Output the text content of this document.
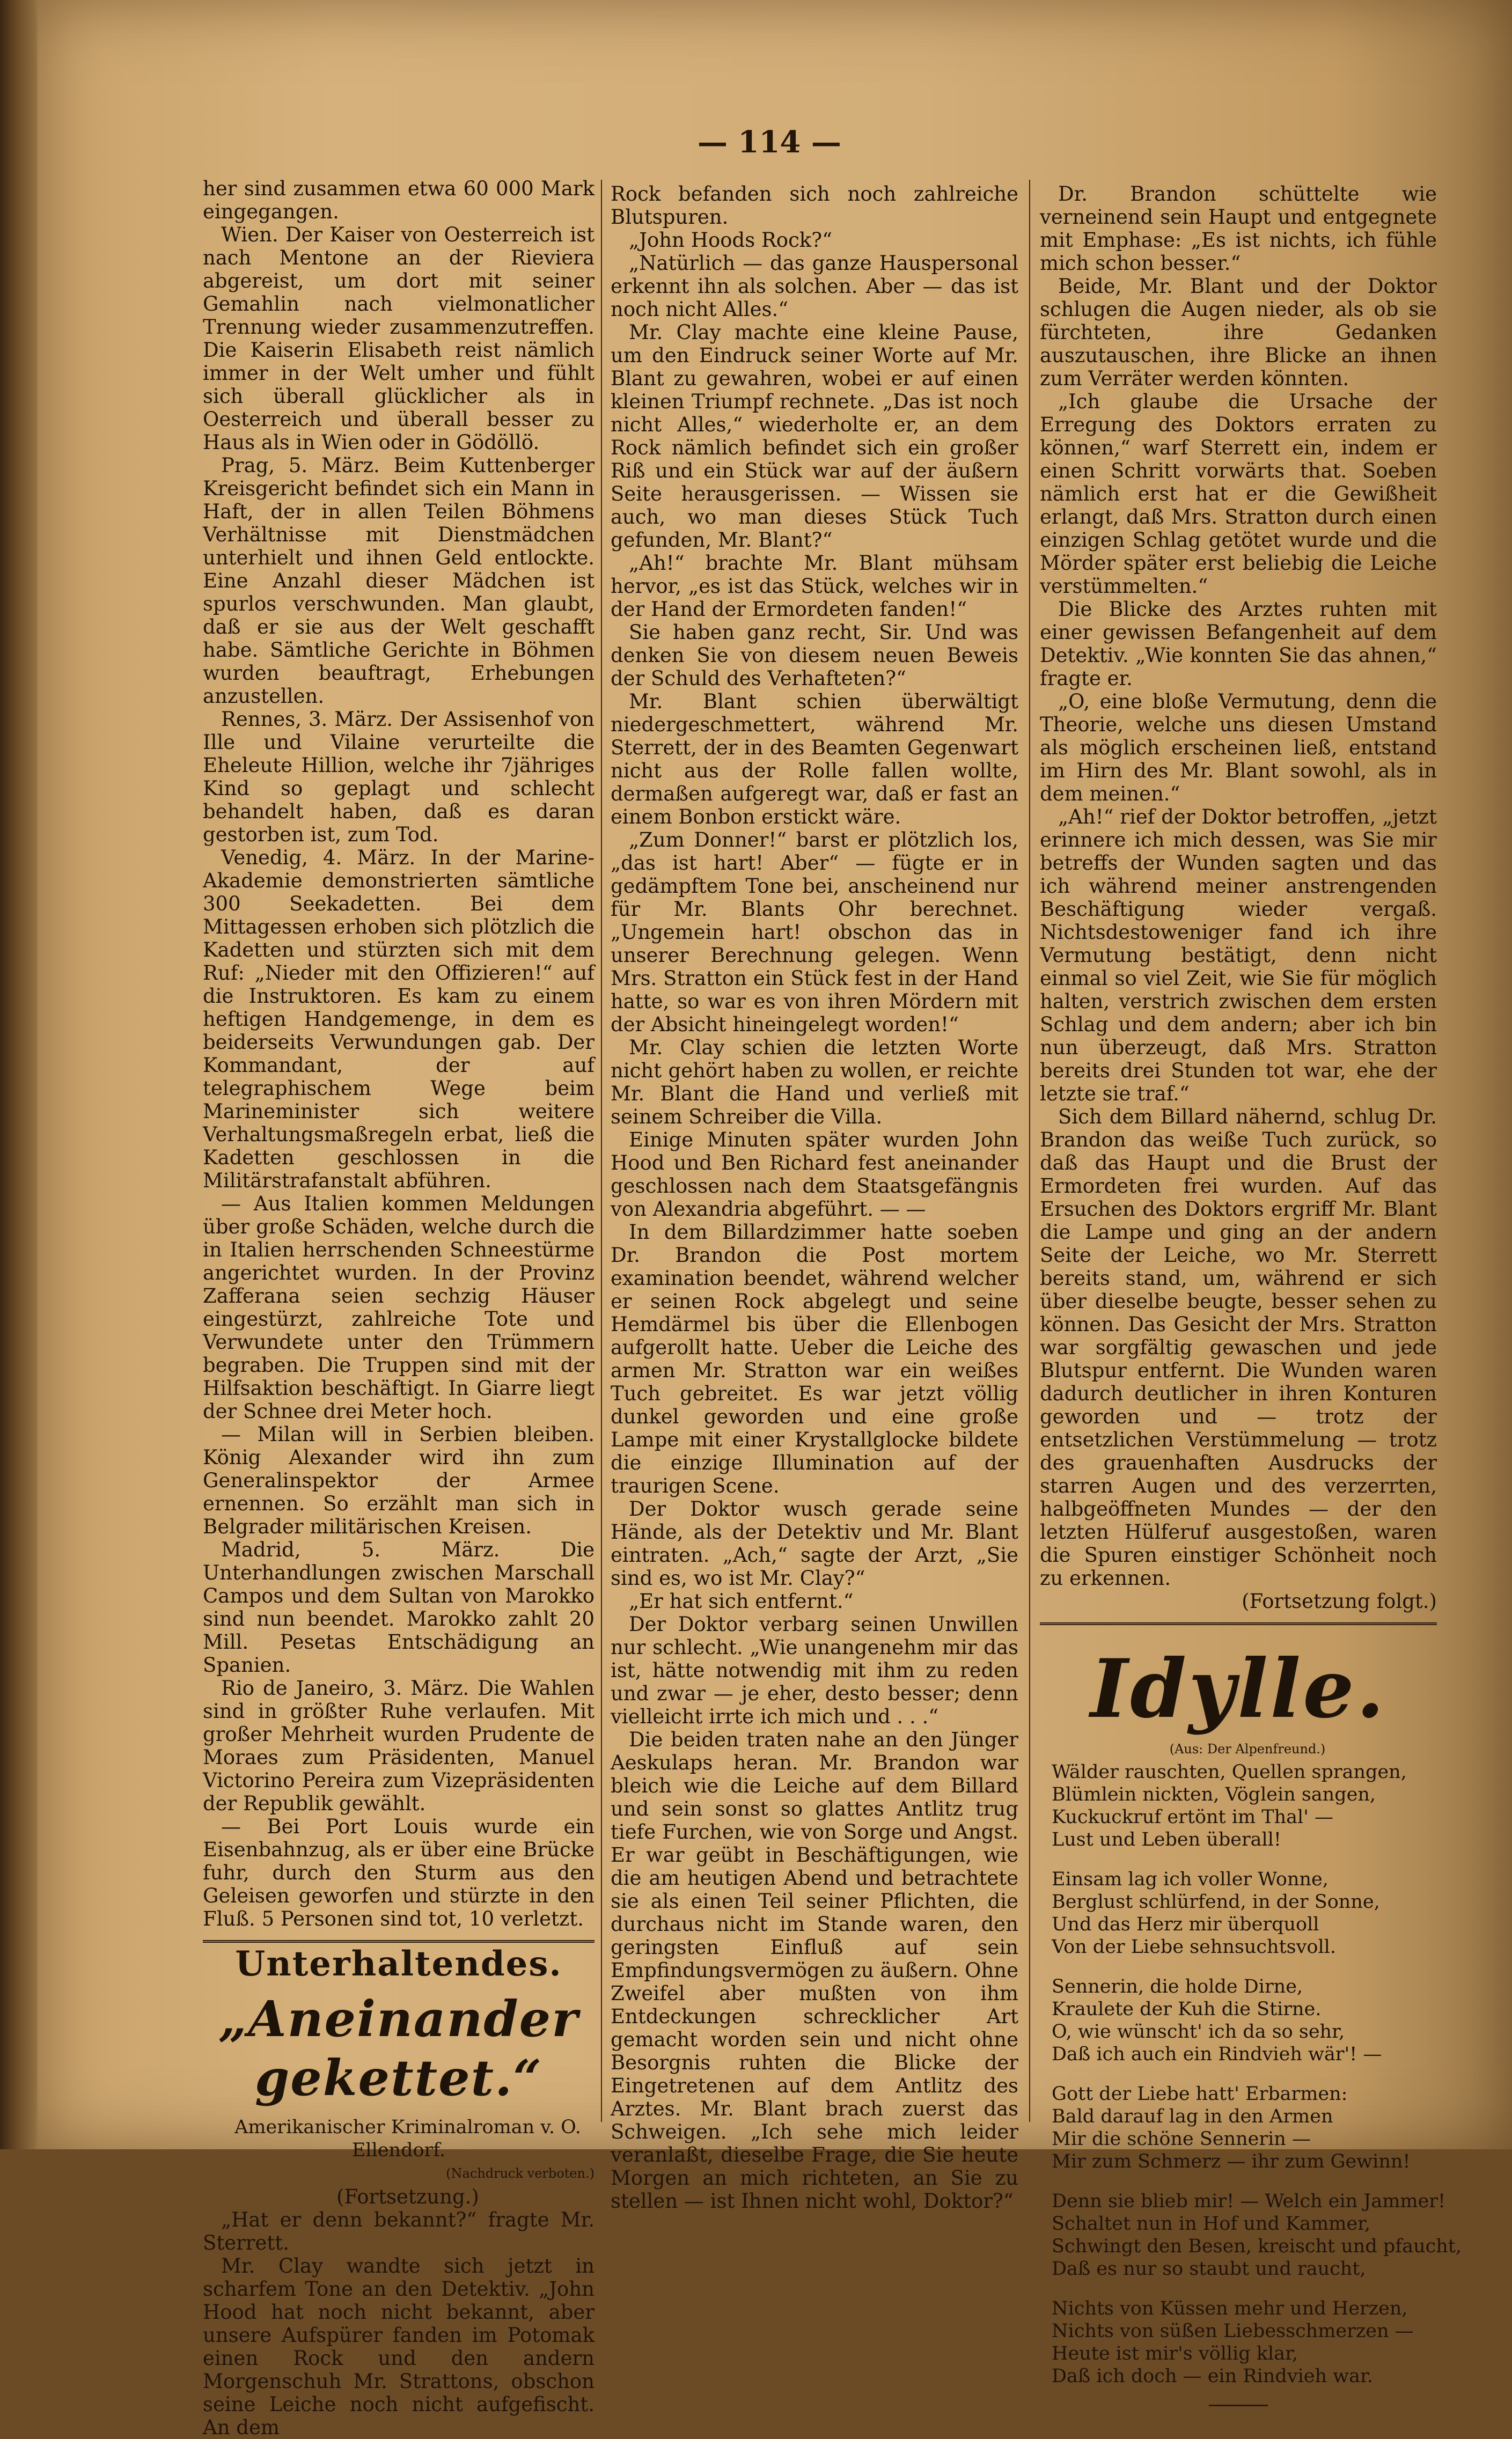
— 114 —

her sind zusammen etwa 60 000 Mark eingegangen.

Wien. Der Kaiser von Oesterreich ist nach Mentone an der Rieviera abgereist, um dort mit seiner Gemahlin nach vielmonatlicher Trennung wieder zusammenzutreffen. Die Kaiserin Elisabeth reist nämlich immer in der Welt umher und fühlt sich überall glücklicher als in Oesterreich und überall besser zu Haus als in Wien oder in Gödöllö.

Prag, 5. März. Beim Kuttenberger Kreisgericht befindet sich ein Mann in Haft, der in allen Teilen Böhmens Verhältnisse mit Dienstmädchen unterhielt und ihnen Geld entlockte. Eine Anzahl dieser Mädchen ist spurlos verschwunden. Man glaubt, daß er sie aus der Welt geschafft habe. Sämtliche Gerichte in Böhmen wurden beauftragt, Erhebungen anzustellen.

Rennes, 3. März. Der Assisenhof von Ille und Vilaine verurteilte die Eheleute Hillion, welche ihr 7jähriges Kind so geplagt und schlecht behandelt haben, daß es daran gestorben ist, zum Tod.

Venedig, 4. März. In der Marine-Akademie demonstrierten sämtliche 300 Seekadetten. Bei dem Mittagessen erhoben sich plötzlich die Kadetten und stürzten sich mit dem Ruf: „Nieder mit den Offizieren!“ auf die Instruktoren. Es kam zu einem heftigen Handgemenge, in dem es beiderseits Verwundungen gab. Der Kommandant, der auf telegraphischem Wege beim Marineminister sich weitere Verhaltungsmaßregeln erbat, ließ die Kadetten geschlossen in die Militärstrafanstalt abführen.

— Aus Italien kommen Meldungen über große Schäden, welche durch die in Italien herrschenden Schneestürme angerichtet wurden. In der Provinz Zafferana seien sechzig Häuser eingestürzt, zahlreiche Tote und Verwundete unter den Trümmern begraben. Die Truppen sind mit der Hilfsaktion beschäftigt. In Giarre liegt der Schnee drei Meter hoch.

— Milan will in Serbien bleiben. König Alexander wird ihn zum Generalinspektor der Armee ernennen. So erzählt man sich in Belgrader militärischen Kreisen.

Madrid, 5. März. Die Unterhandlungen zwischen Marschall Campos und dem Sultan von Marokko sind nun beendet. Marokko zahlt 20 Mill. Pesetas Entschädigung an Spanien.

Rio de Janeiro, 3. März. Die Wahlen sind in größter Ruhe verlaufen. Mit großer Mehrheit wurden Prudente de Moraes zum Präsidenten, Manuel Victorino Pereira zum Vizepräsidenten der Republik gewählt.

— Bei Port Louis wurde ein Eisenbahnzug, als er über eine Brücke fuhr, durch den Sturm aus den Geleisen geworfen und stürzte in den Fluß. 5 Personen sind tot, 10 verletzt.

Unterhaltendes.
„Aneinander gekettet.“

Amerikanischer Kriminalroman v. O. Ellendorf.

(Nachdruck verboten.)

(Fortsetzung.)

„Hat er denn bekannt?“ fragte Mr. Sterrett.

Mr. Clay wandte sich jetzt in scharfem Tone an den Detektiv. „John Hood hat noch nicht bekannt, aber unsere Aufspürer fanden im Potomak einen Rock und den andern Morgenschuh Mr. Strattons, obschon seine Leiche noch nicht aufgefischt. An dem

Rock befanden sich noch zahlreiche Blutspuren.

„John Hoods Rock?“

„Natürlich — das ganze Hauspersonal erkennt ihn als solchen. Aber — das ist noch nicht Alles.“

Mr. Clay machte eine kleine Pause, um den Eindruck seiner Worte auf Mr. Blant zu gewahren, wobei er auf einen kleinen Triumpf rechnete. „Das ist noch nicht Alles,“ wiederholte er, an dem Rock nämlich befindet sich ein großer Riß und ein Stück war auf der äußern Seite herausgerissen. — Wissen sie auch, wo man dieses Stück Tuch gefunden, Mr. Blant?“

„Ah!“ brachte Mr. Blant mühsam hervor, „es ist das Stück, welches wir in der Hand der Ermordeten fanden!“

Sie haben ganz recht, Sir. Und was denken Sie von diesem neuen Beweis der Schuld des Verhafteten?“

Mr. Blant schien überwältigt niedergeschmettert, während Mr. Sterrett, der in des Beamten Gegenwart nicht aus der Rolle fallen wollte, dermaßen aufgeregt war, daß er fast an einem Bonbon erstickt wäre.

„Zum Donner!“ barst er plötzlich los, „das ist hart! Aber“ — fügte er in gedämpftem Tone bei, anscheinend nur für Mr. Blants Ohr berechnet. „Ungemein hart! obschon das in unserer Berechnung gelegen. Wenn Mrs. Stratton ein Stück fest in der Hand hatte, so war es von ihren Mördern mit der Absicht hineingelegt worden!“

Mr. Clay schien die letzten Worte nicht gehört haben zu wollen, er reichte Mr. Blant die Hand und verließ mit seinem Schreiber die Villa.

Einige Minuten später wurden John Hood und Ben Richard fest aneinander geschlossen nach dem Staatsgefängnis von Alexandria abgeführt. — —

In dem Billardzimmer hatte soeben Dr. Brandon die Post mortem examination beendet, während welcher er seinen Rock abgelegt und seine Hemdärmel bis über die Ellenbogen aufgerollt hatte. Ueber die Leiche des armen Mr. Stratton war ein weißes Tuch gebreitet. Es war jetzt völlig dunkel geworden und eine große Lampe mit einer Krystallglocke bildete die einzige Illumination auf der traurigen Scene.

Der Doktor wusch gerade seine Hände, als der Detektiv und Mr. Blant eintraten. „Ach,“ sagte der Arzt, „Sie sind es, wo ist Mr. Clay?“

„Er hat sich entfernt.“

Der Doktor verbarg seinen Unwillen nur schlecht. „Wie unangenehm mir das ist, hätte notwendig mit ihm zu reden und zwar — je eher, desto besser; denn vielleicht irrte ich mich und . . .“

Die beiden traten nahe an den Jünger Aeskulaps heran. Mr. Brandon war bleich wie die Leiche auf dem Billard und sein sonst so glattes Antlitz trug tiefe Furchen, wie von Sorge und Angst. Er war geübt in Beschäftigungen, wie die am heutigen Abend und betrachtete sie als einen Teil seiner Pflichten, die durchaus nicht im Stande waren, den geringsten Einfluß auf sein Empfindungsvermögen zu äußern. Ohne Zweifel aber mußten von ihm Entdeckungen schrecklicher Art gemacht worden sein und nicht ohne Besorgnis ruhten die Blicke der Eingetretenen auf dem Antlitz des Arztes. Mr. Blant brach zuerst das Schweigen. „Ich sehe mich leider veranlaßt, dieselbe Frage, die Sie heute Morgen an mich richteten, an Sie zu stellen — ist Ihnen nicht wohl, Doktor?“

Dr. Brandon schüttelte wie verneinend sein Haupt und entgegnete mit Emphase: „Es ist nichts, ich fühle mich schon besser.“

Beide, Mr. Blant und der Doktor schlugen die Augen nieder, als ob sie fürchteten, ihre Gedanken auszutauschen, ihre Blicke an ihnen zum Verräter werden könnten.

„Ich glaube die Ursache der Erregung des Doktors erraten zu können,“ warf Sterrett ein, indem er einen Schritt vorwärts that. Soeben nämlich erst hat er die Gewißheit erlangt, daß Mrs. Stratton durch einen einzigen Schlag getötet wurde und die Mörder später erst beliebig die Leiche verstümmelten.“

Die Blicke des Arztes ruhten mit einer gewissen Befangenheit auf dem Detektiv. „Wie konnten Sie das ahnen,“ fragte er.

„O, eine bloße Vermutung, denn die Theorie, welche uns diesen Umstand als möglich erscheinen ließ, entstand im Hirn des Mr. Blant sowohl, als in dem meinen.“

„Ah!“ rief der Doktor betroffen, „jetzt erinnere ich mich dessen, was Sie mir betreffs der Wunden sagten und das ich während meiner anstrengenden Beschäftigung wieder vergaß. Nichtsdestoweniger fand ich ihre Vermutung bestätigt, denn nicht einmal so viel Zeit, wie Sie für möglich halten, verstrich zwischen dem ersten Schlag und dem andern; aber ich bin nun überzeugt, daß Mrs. Stratton bereits drei Stunden tot war, ehe der letzte sie traf.“

Sich dem Billard nähernd, schlug Dr. Brandon das weiße Tuch zurück, so daß das Haupt und die Brust der Ermordeten frei wurden. Auf das Ersuchen des Doktors ergriff Mr. Blant die Lampe und ging an der andern Seite der Leiche, wo Mr. Sterrett bereits stand, um, während er sich über dieselbe beugte, besser sehen zu können. Das Gesicht der Mrs. Stratton war sorgfältig gewaschen und jede Blutspur entfernt. Die Wunden waren dadurch deutlicher in ihren Konturen geworden und — trotz der entsetzlichen Verstümmelung — trotz des grauenhaften Ausdrucks der starren Augen und des verzerrten, halbgeöffneten Mundes — der den letzten Hülferuf ausgestoßen, waren die Spuren einstiger Schönheit noch zu erkennen.

(Fortsetzung folgt.)

Idylle.

(Aus: Der Alpenfreund.)

Wälder rauschten, Quellen sprangen,
Blümlein nickten, Vöglein sangen,
Kuckuckruf ertönt im Thal' —
Lust und Leben überall!
Einsam lag ich voller Wonne,
Berglust schlürfend, in der Sonne,
Und das Herz mir überquoll
Von der Liebe sehnsuchtsvoll.
Sennerin, die holde Dirne,
Kraulete der Kuh die Stirne.
O, wie wünscht' ich da so sehr,
Daß ich auch ein Rindvieh wär'! —
Gott der Liebe hatt' Erbarmen:
Bald darauf lag in den Armen
Mir die schöne Sennerin —
Mir zum Schmerz — ihr zum Gewinn!
Denn sie blieb mir! — Welch ein Jammer!
Schaltet nun in Hof und Kammer,
Schwingt den Besen, kreischt und pfaucht,
Daß es nur so staubt und raucht,
Nichts von Küssen mehr und Herzen,
Nichts von süßen Liebesschmerzen —
Heute ist mir's völlig klar,
Daß ich doch — ein Rindvieh war.
